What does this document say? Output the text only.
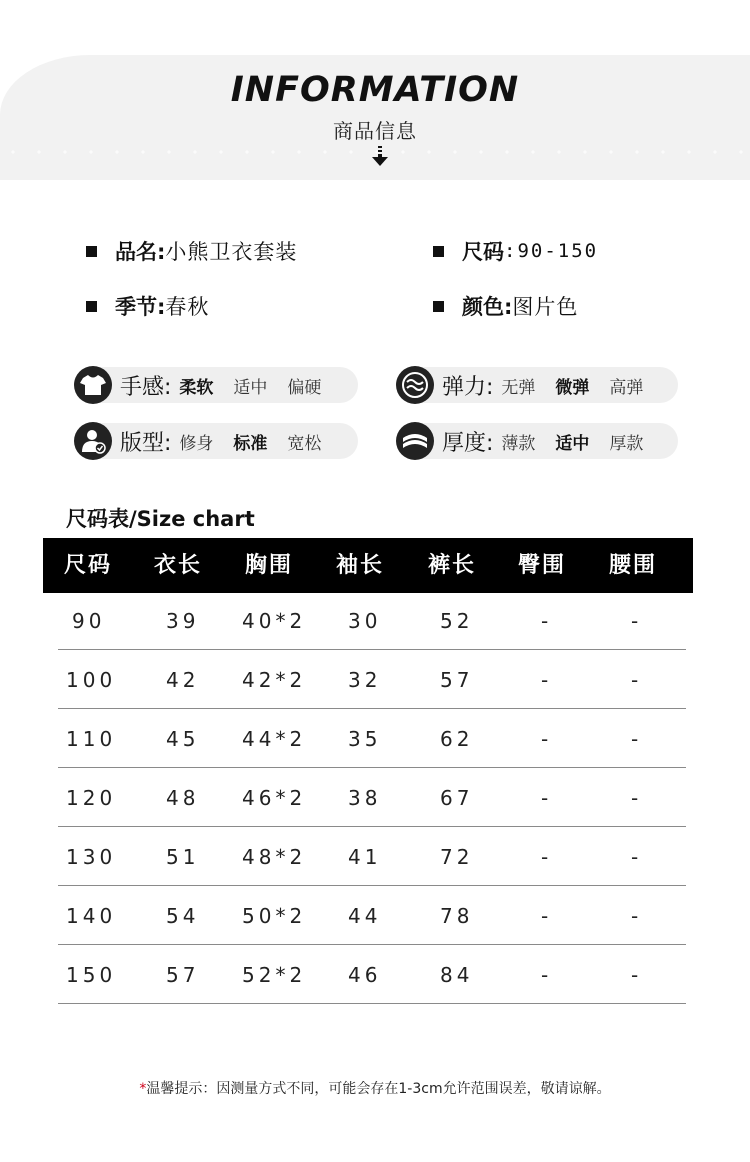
INFORMATION
商品信息
品名: 小熊卫衣套装	尺码 :90-150
季节: 春秋	颜色: 图片色
手感: 柔软 适中 偏硬	弹力: 无弹 微弹 高弹
版型: 修身 标准 宽松	厚度: 薄款 适中 厚款
尺码表/Size chart
尺码 衣长 胸围 袖长 裤长 臀围 腰围
90	39 40*2 30	52	-	-
100 42 42*2 32	57	-	-
110 45 44*2 35	62	-	-
120 48 46*2 38	67	-	-
130 51 48*2 41	72	-	-
140 54 50*2 44	78	-	-
150 57 52*2 46	84	-	-
*温馨提示：因测量方式不同，可能会存在1-3cm允许范围误差，敬请谅解。
